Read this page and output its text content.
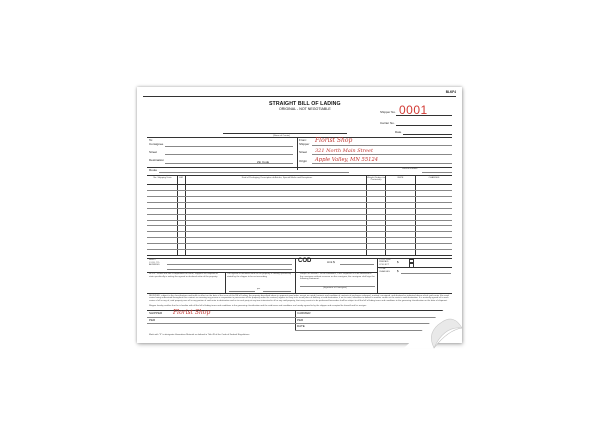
BLKF4
STRAIGHT BILL OF LADING
ORIGINAL - NOT NEGOTIABLE
Shipper No. 0001
Carrier No.
Date
(Name of Carrier)
To:
Consignee
Street
Destination	Zip Code
From:
Shipper Florist Shop
Street 321 North Main Street
Origin Apple Valley, MN 55124
Route	Vehicle Number
No. Shipping Units	HM	Kind of Packaging, Description of Articles, Special Marks and Exceptions	Weight (Subject to Correction)
RATE	CHARGES
REMIT C.O.D. TO: ADDRESS
COD	Amt $
C.O.D. FEE PREPAID COLLECT
$
TOTAL CHARGES	$
NOTE - Where the rate is dependent on value, shippers are required to state specifically in writing the agreed or declared value of the property.
The agreed or declared value of the property is hereby specifically stated by the shipper to be not exceeding
per
Subject to Section 7 of the conditions, if this shipment is to be delivered to the consignee without recourse on the consignor, the consignor shall sign the following statement.
(Signature of Consignor)
RECEIVED, subject to the classifications and tariffs in effect on the date of the issue of this Bill of Lading, the property described above in apparent good order, except as noted (contents and condition of contents of packages unknown), marked, consigned, and destined as indicated above which said carrier (the word carrier being understood throughout this contract as meaning any person or corporation in possession of the property under the contract) agrees to carry to its usual place of delivery at said destination, if on its route, otherwise to deliver to another carrier on the route to said destination. It is mutually agreed as to each carrier of all or any of, said property over all or any portion of said route to destination and as to each party at any time interested in all or any said property, that every service to be performed hereunder shall be subject to all the bill of lading terms and conditions in the governing classification on the date of shipment.
Shipper hereby certifies that he is familiar with all the bill of lading terms and conditions in the governing classification and the said terms and conditions are hereby agreed to by the shipper and accepted for himself and his assigns.
SHIPPER Florist Shop
PER
CARRIER
PER
DATE
Mark with "X" to designate Hazardous Material as defined in Title 49 of the Code of Federal Regulations.
